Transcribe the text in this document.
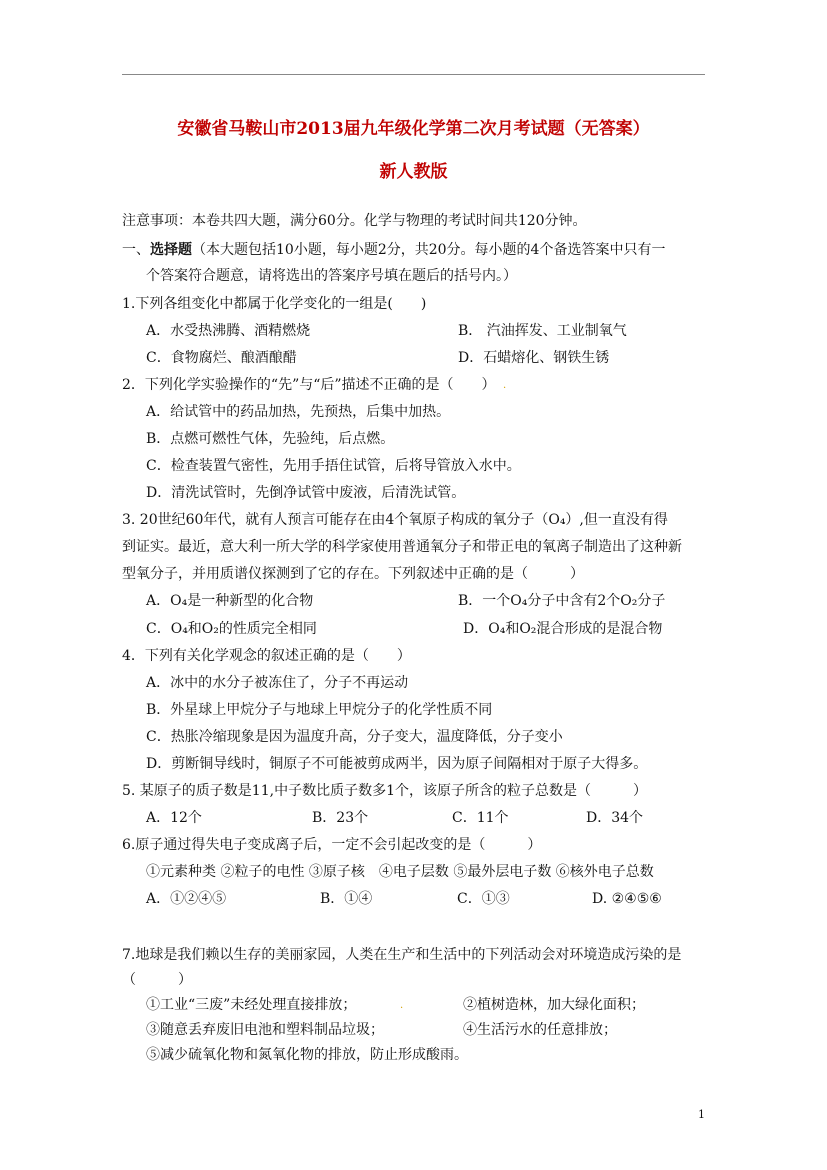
安徽省马鞍山市2013届九年级化学第二次月考试题（无答案）
新人教版
注意事项：本卷共四大题，满分60分。化学与物理的考试时间共120分钟。
一、选择题（本大题包括10小题，每小题2分，共20分。每小题的4个备选答案中只有一
个答案符合题意，请将选出的答案序号填在题后的括号内。）
1.下列各组变化中都属于化学变化的一组是(　　)
A．水受热沸腾、酒精燃烧	B． 汽油挥发、工业制氧气
C．食物腐烂、酿酒酿醋	D．石蜡熔化、钢铁生锈
2．下列化学实验操作的“先”与“后”描述不正确的是（　　） .
A．给试管中的药品加热，先预热，后集中加热。
B．点燃可燃性气体，先验纯，后点燃。
C．检查装置气密性，先用手捂住试管，后将导管放入水中。
D．清洗试管时，先倒净试管中废液，后清洗试管。
3. 20世纪60年代，就有人预言可能存在由4个氧原子构成的氧分子（O₄）,但一直没有得
到证实。最近，意大利一所大学的科学家使用普通氧分子和带正电的氧离子制造出了这种新
型氧分子，并用质谱仪探测到了它的存在。下列叙述中正确的是（　　　）
A．O₄是一种新型的化合物	B．一个O₄分子中含有2个O₂分子
C．O₄和O₂的性质完全相同	D．O₄和O₂混合形成的是混合物
4．下列有关化学观念的叙述正确的是（　　）
A．冰中的水分子被冻住了，分子不再运动
B．外星球上甲烷分子与地球上甲烷分子的化学性质不同
C．热胀冷缩现象是因为温度升高，分子变大，温度降低，分子变小
D．剪断铜导线时，铜原子不可能被剪成两半，因为原子间隔相对于原子大得多。
5. 某原子的质子数是11,中子数比质子数多1个，该原子所含的粒子总数是（　　　）
A．12个	B．23个	C．11个	D．34个
6.原子通过得失电子变成离子后，一定不会引起改变的是（　　　）
①元素种类 ②粒子的电性 ③原子核　④电子层数 ⑤最外层电子数 ⑥核外电子总数
A．①②④⑤	B．①④	C．①③	D. ②④⑤⑥
7.地球是我们赖以生存的美丽家园，人类在生产和生活中的下列活动会对环境造成污染的是
（　　　）
①工业“三废”未经处理直接排放；	.	②植树造林，加大绿化面积；
③随意丢弃废旧电池和塑料制品垃圾；	④生活污水的任意排放；
⑤减少硫氧化物和氮氧化物的排放，防止形成酸雨。
1
